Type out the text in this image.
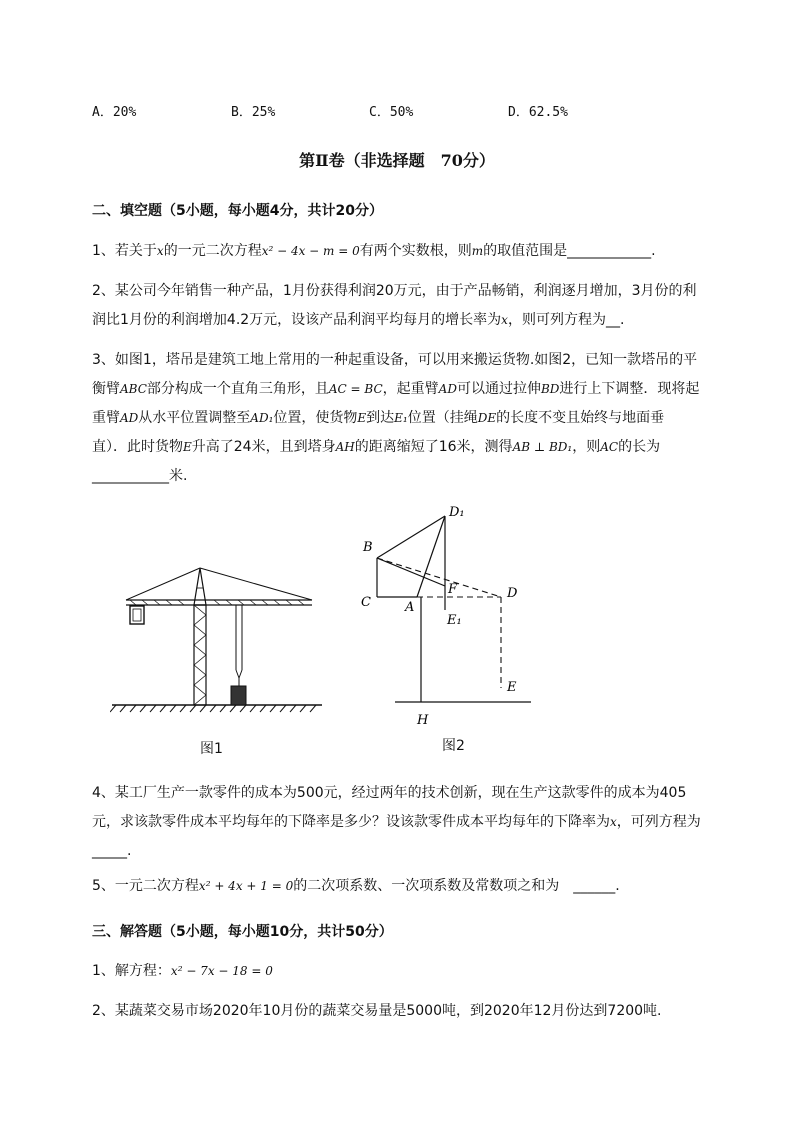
A．20%	B．25%	C．50%	D．62.5%
第Ⅱ卷（非选择题　70分）
二、填空题（5小题，每小题4分，共计20分）
1、若关于x的一元二次方程x² − 4x − m = 0有两个实数根，则m的取值范围是____________.
2、某公司今年销售一种产品，1月份获得利润20万元，由于产品畅销，利润逐月增加，3月份的利
润比1月份的利润增加4.2万元，设该产品利润平均每月的增长率为x，则可列方程为__.
3、如图1，塔吊是建筑工地上常用的一种起重设备，可以用来搬运货物.如图2，已知一款塔吊的平
衡臂ABC部分构成一个直角三角形，且AC = BC，起重臂AD可以通过拉伸BD进行上下调整．现将起
重臂AD从水平位置调整至AD₁位置，使货物E到达E₁位置（挂绳DE的长度不变且始终与地面垂
直）．此时货物E升高了24米，且到塔身AH的距离缩短了16米，测得AB ⊥ BD₁，则AC的长为
___________米.
D₁
B
C	A
F	D
E₁
E
H
图1	图2
4、某工厂生产一款零件的成本为500元，经过两年的技术创新，现在生产这款零件的成本为405
元，求该款零件成本平均每年的下降率是多少？设该款零件成本平均每年的下降率为x，可列方程为
_____.
5、一元二次方程x² + 4x + 1 = 0的二次项系数、一次项系数及常数项之和为　______.
三、解答题（5小题，每小题10分，共计50分）
1、解方程：x² − 7x − 18 = 0
2、某蔬菜交易市场2020年10月份的蔬菜交易量是5000吨，到2020年12月份达到7200吨.
